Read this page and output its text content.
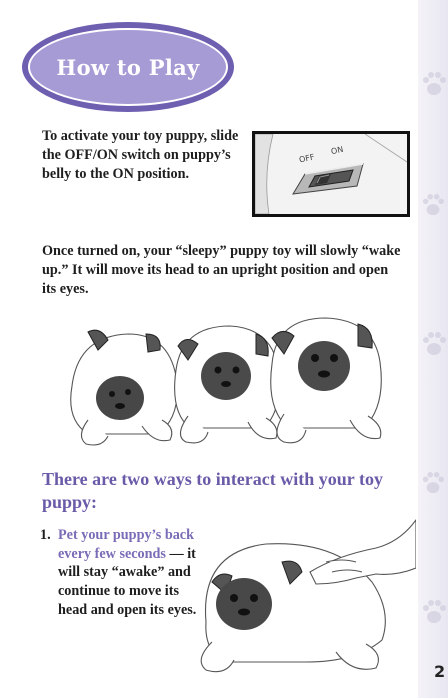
How to Play

To activate your toy puppy, slide the OFF/ON switch on puppy’s belly to the ON position.

OFF
ON

Once turned on, your “sleepy” puppy toy will slowly “wake up.” It will move its head to an upright position and open its eyes.

There are two ways to interact with your toy puppy:
1. Pet your puppy’s back every few seconds — it will stay “awake” and continue to move its head and open its eyes.
2
